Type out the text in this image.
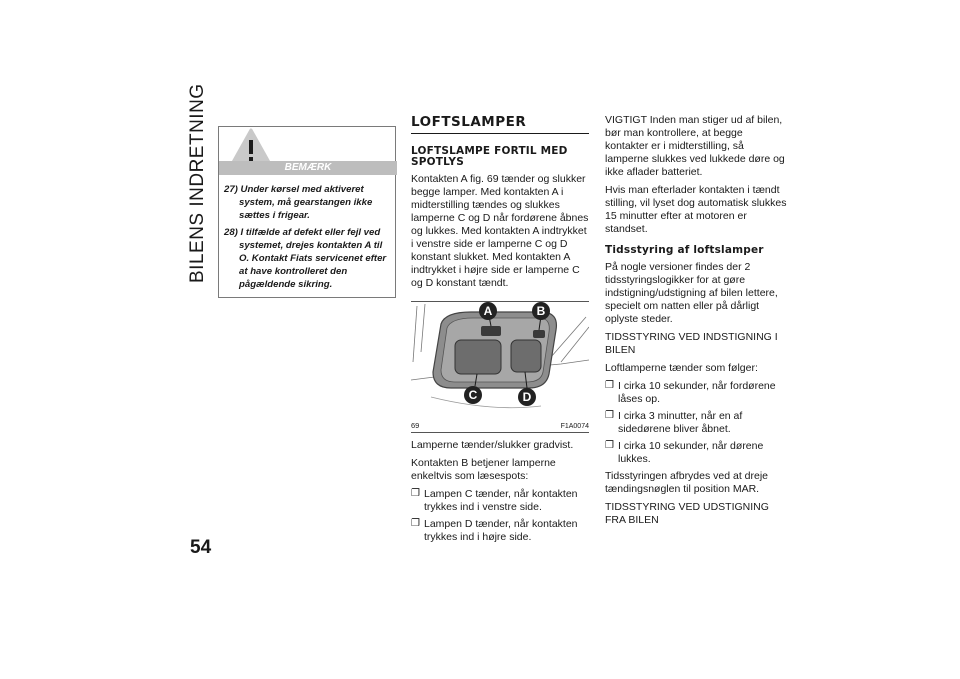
BILENS INDRETNING
54
BEMÆRK
27) Under kørsel med aktiveret system, må gearstangen ikke sættes i frigear.
28) I tilfælde af defekt eller fejl ved systemet, drejes kontakten A til O. Kontakt Fiats servicenet efter at have kontrolleret den pågældende sikring.
LOFTSLAMPER
LOFTSLAMPE FORTIL MED SPOTLYS

Kontakten A fig. 69 tænder og slukker begge lamper. Med kontakten A i midterstilling tændes og slukkes lamperne C og D når fordørene åbnes og lukkes. Med kontakten A indtrykket i venstre side er lamperne C og D konstant slukket. Med kontakten A indtrykket i højre side er lamperne C og D konstant tændt.

A	B
C	D
69	F1A0074

Lamperne tænder/slukker gradvist.

Kontakten B betjener lamperne enkeltvis som læsespots:

❐ Lampen C tænder, når kontakten trykkes ind i venstre side.
❐ Lampen D tænder, når kontakten trykkes ind i højre side.

VIGTIGT Inden man stiger ud af bilen, bør man kontrollere, at begge kontakter er i midterstilling, så lamperne slukkes ved lukkede døre og ikke aflader batteriet.

Hvis man efterlader kontakten i tændt stilling, vil lyset dog automatisk slukkes 15 minutter efter at motoren er standset.

Tidsstyring af loftslamper

På nogle versioner findes der 2 tidsstyringslogikker for at gøre indstigning/udstigning af bilen lettere, specielt om natten eller på dårligt oplyste steder.

TIDSSTYRING VED INDSTIGNING I BILEN

Loftlamperne tænder som følger:

❐ I cirka 10 sekunder, når fordørene låses op.
❐ I cirka 3 minutter, når en af sidedørene bliver åbnet.
❐ I cirka 10 sekunder, når dørene lukkes.

Tidsstyringen afbrydes ved at dreje tændingsnøglen til position MAR.

TIDSSTYRING VED UDSTIGNING FRA BILEN
